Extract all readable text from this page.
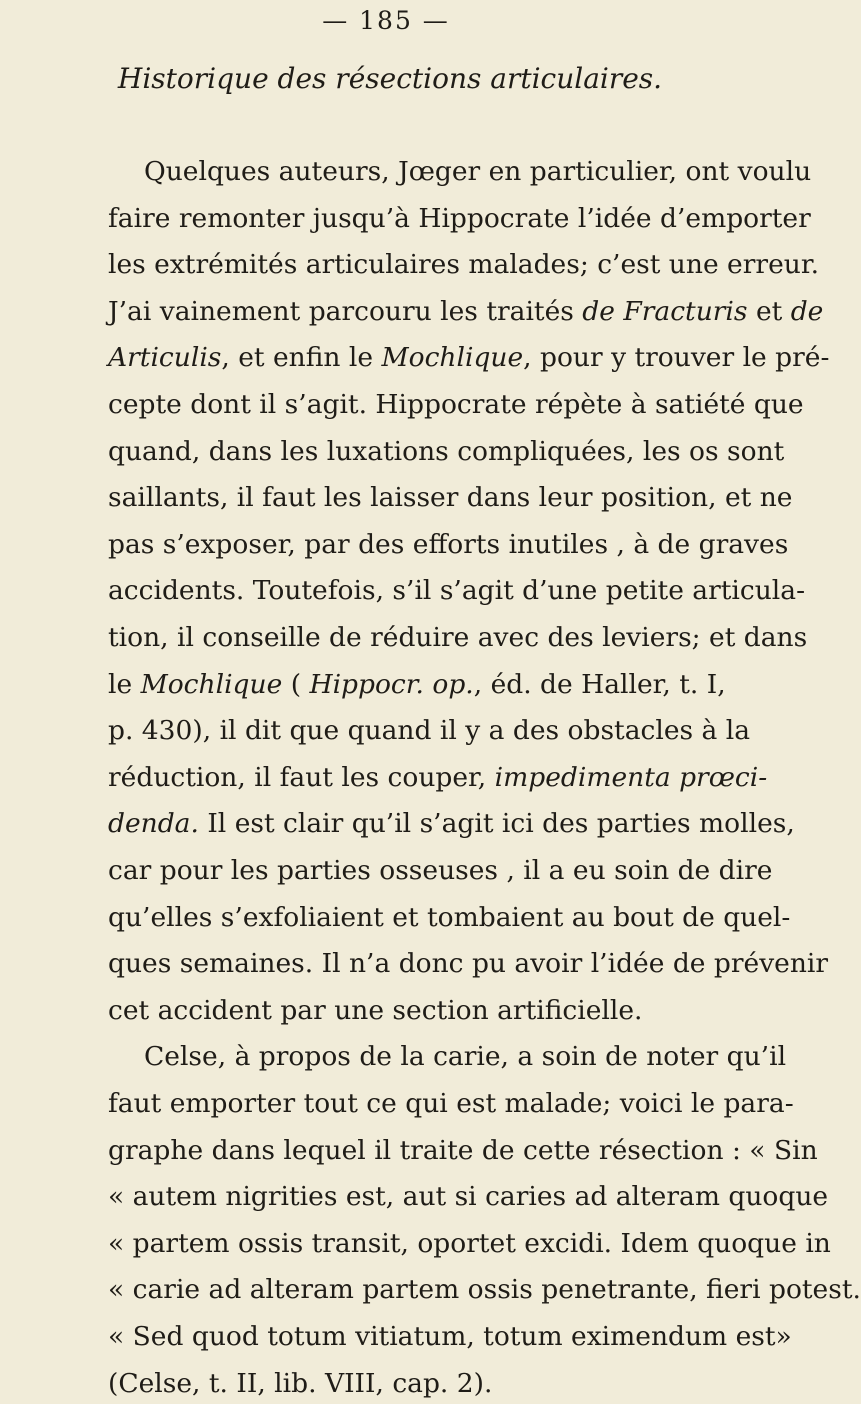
— 185 —
Historique des résections articulaires.
Quelques auteurs, Jœger en particulier, ont voulu
faire remonter jusqu’à Hippocrate l’idée d’emporter
les extrémités articulaires malades; c’est une erreur.
J’ai vainement parcouru les traités de Fracturis et de
Articulis, et enfin le Mochlique, pour y trouver le pré-
cepte dont il s’agit. Hippocrate répète à satiété que
quand, dans les luxations compliquées, les os sont
saillants, il faut les laisser dans leur position, et ne
pas s’exposer, par des efforts inutiles , à de graves
accidents. Toutefois, s’il s’agit d’une petite articula-
tion, il conseille de réduire avec des leviers; et dans
le Mochlique ( Hippocr. op., éd. de Haller, t. I,
p. 430), il dit que quand il y a des obstacles à la
réduction, il faut les couper, impedimenta prœci-
denda. Il est clair qu’il s’agit ici des parties molles,
car pour les parties osseuses , il a eu soin de dire
qu’elles s’exfoliaient et tombaient au bout de quel-
ques semaines. Il n’a donc pu avoir l’idée de prévenir
cet accident par une section artificielle.
Celse, à propos de la carie, a soin de noter qu’il
faut emporter tout ce qui est malade; voici le para-
graphe dans lequel il traite de cette résection : « Sin
« autem nigrities est, aut si caries ad alteram quoque
« partem ossis transit, oportet excidi. Idem quoque in
« carie ad alteram partem ossis penetrante, fieri potest.
« Sed quod totum vitiatum, totum eximendum est»
(Celse, t. II, lib. VIII, cap. 2).
